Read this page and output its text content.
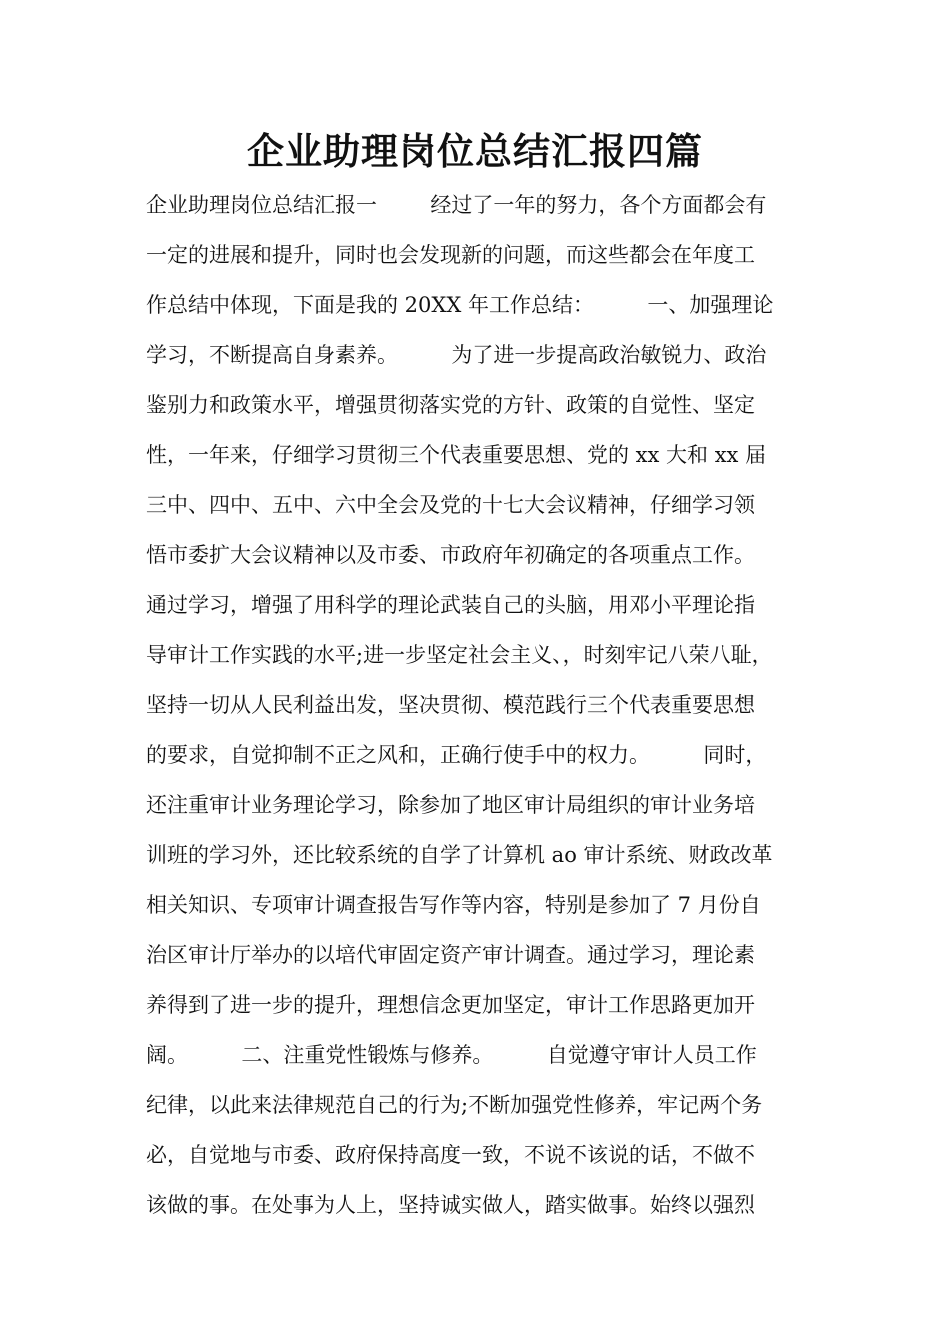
企业助理岗位总结汇报四篇
企业助理岗位总结汇报一        经过了一年的努力，各个方面都会有
一定的进展和提升，同时也会发现新的问题，而这些都会在年度工
作总结中体现，下面是我的 20XX 年工作总结：        一、加强理论
学习，不断提高自身素养。        为了进一步提高政治敏锐力、政治
鉴别力和政策水平，增强贯彻落实党的方针、政策的自觉性、坚定
性，一年来，仔细学习贯彻三个代表重要思想、党的 xx 大和 xx 届
三中、四中、五中、六中全会及党的十七大会议精神，仔细学习领
悟市委扩大会议精神以及市委、市政府年初确定的各项重点工作。
通过学习，增强了用科学的理论武装自己的头脑，用邓小平理论指
导审计工作实践的水平;进一步坚定社会主义、，时刻牢记八荣八耻，
坚持一切从人民利益出发，坚决贯彻、模范践行三个代表重要思想
的要求，自觉抑制不正之风和，正确行使手中的权力。        同时，
还注重审计业务理论学习，除参加了地区审计局组织的审计业务培
训班的学习外，还比较系统的自学了计算机 ao 审计系统、财政改革
相关知识、专项审计调查报告写作等内容，特别是参加了 7 月份自
治区审计厅举办的以培代审固定资产审计调查。通过学习，理论素
养得到了进一步的提升，理想信念更加坚定，审计工作思路更加开
阔。        二、注重党性锻炼与修养。        自觉遵守审计人员工作
纪律，以此来法律规范自己的行为;不断加强党性修养，牢记两个务
必，自觉地与市委、政府保持高度一致，不说不该说的话，不做不
该做的事。在处事为人上，坚持诚实做人，踏实做事。始终以强烈
